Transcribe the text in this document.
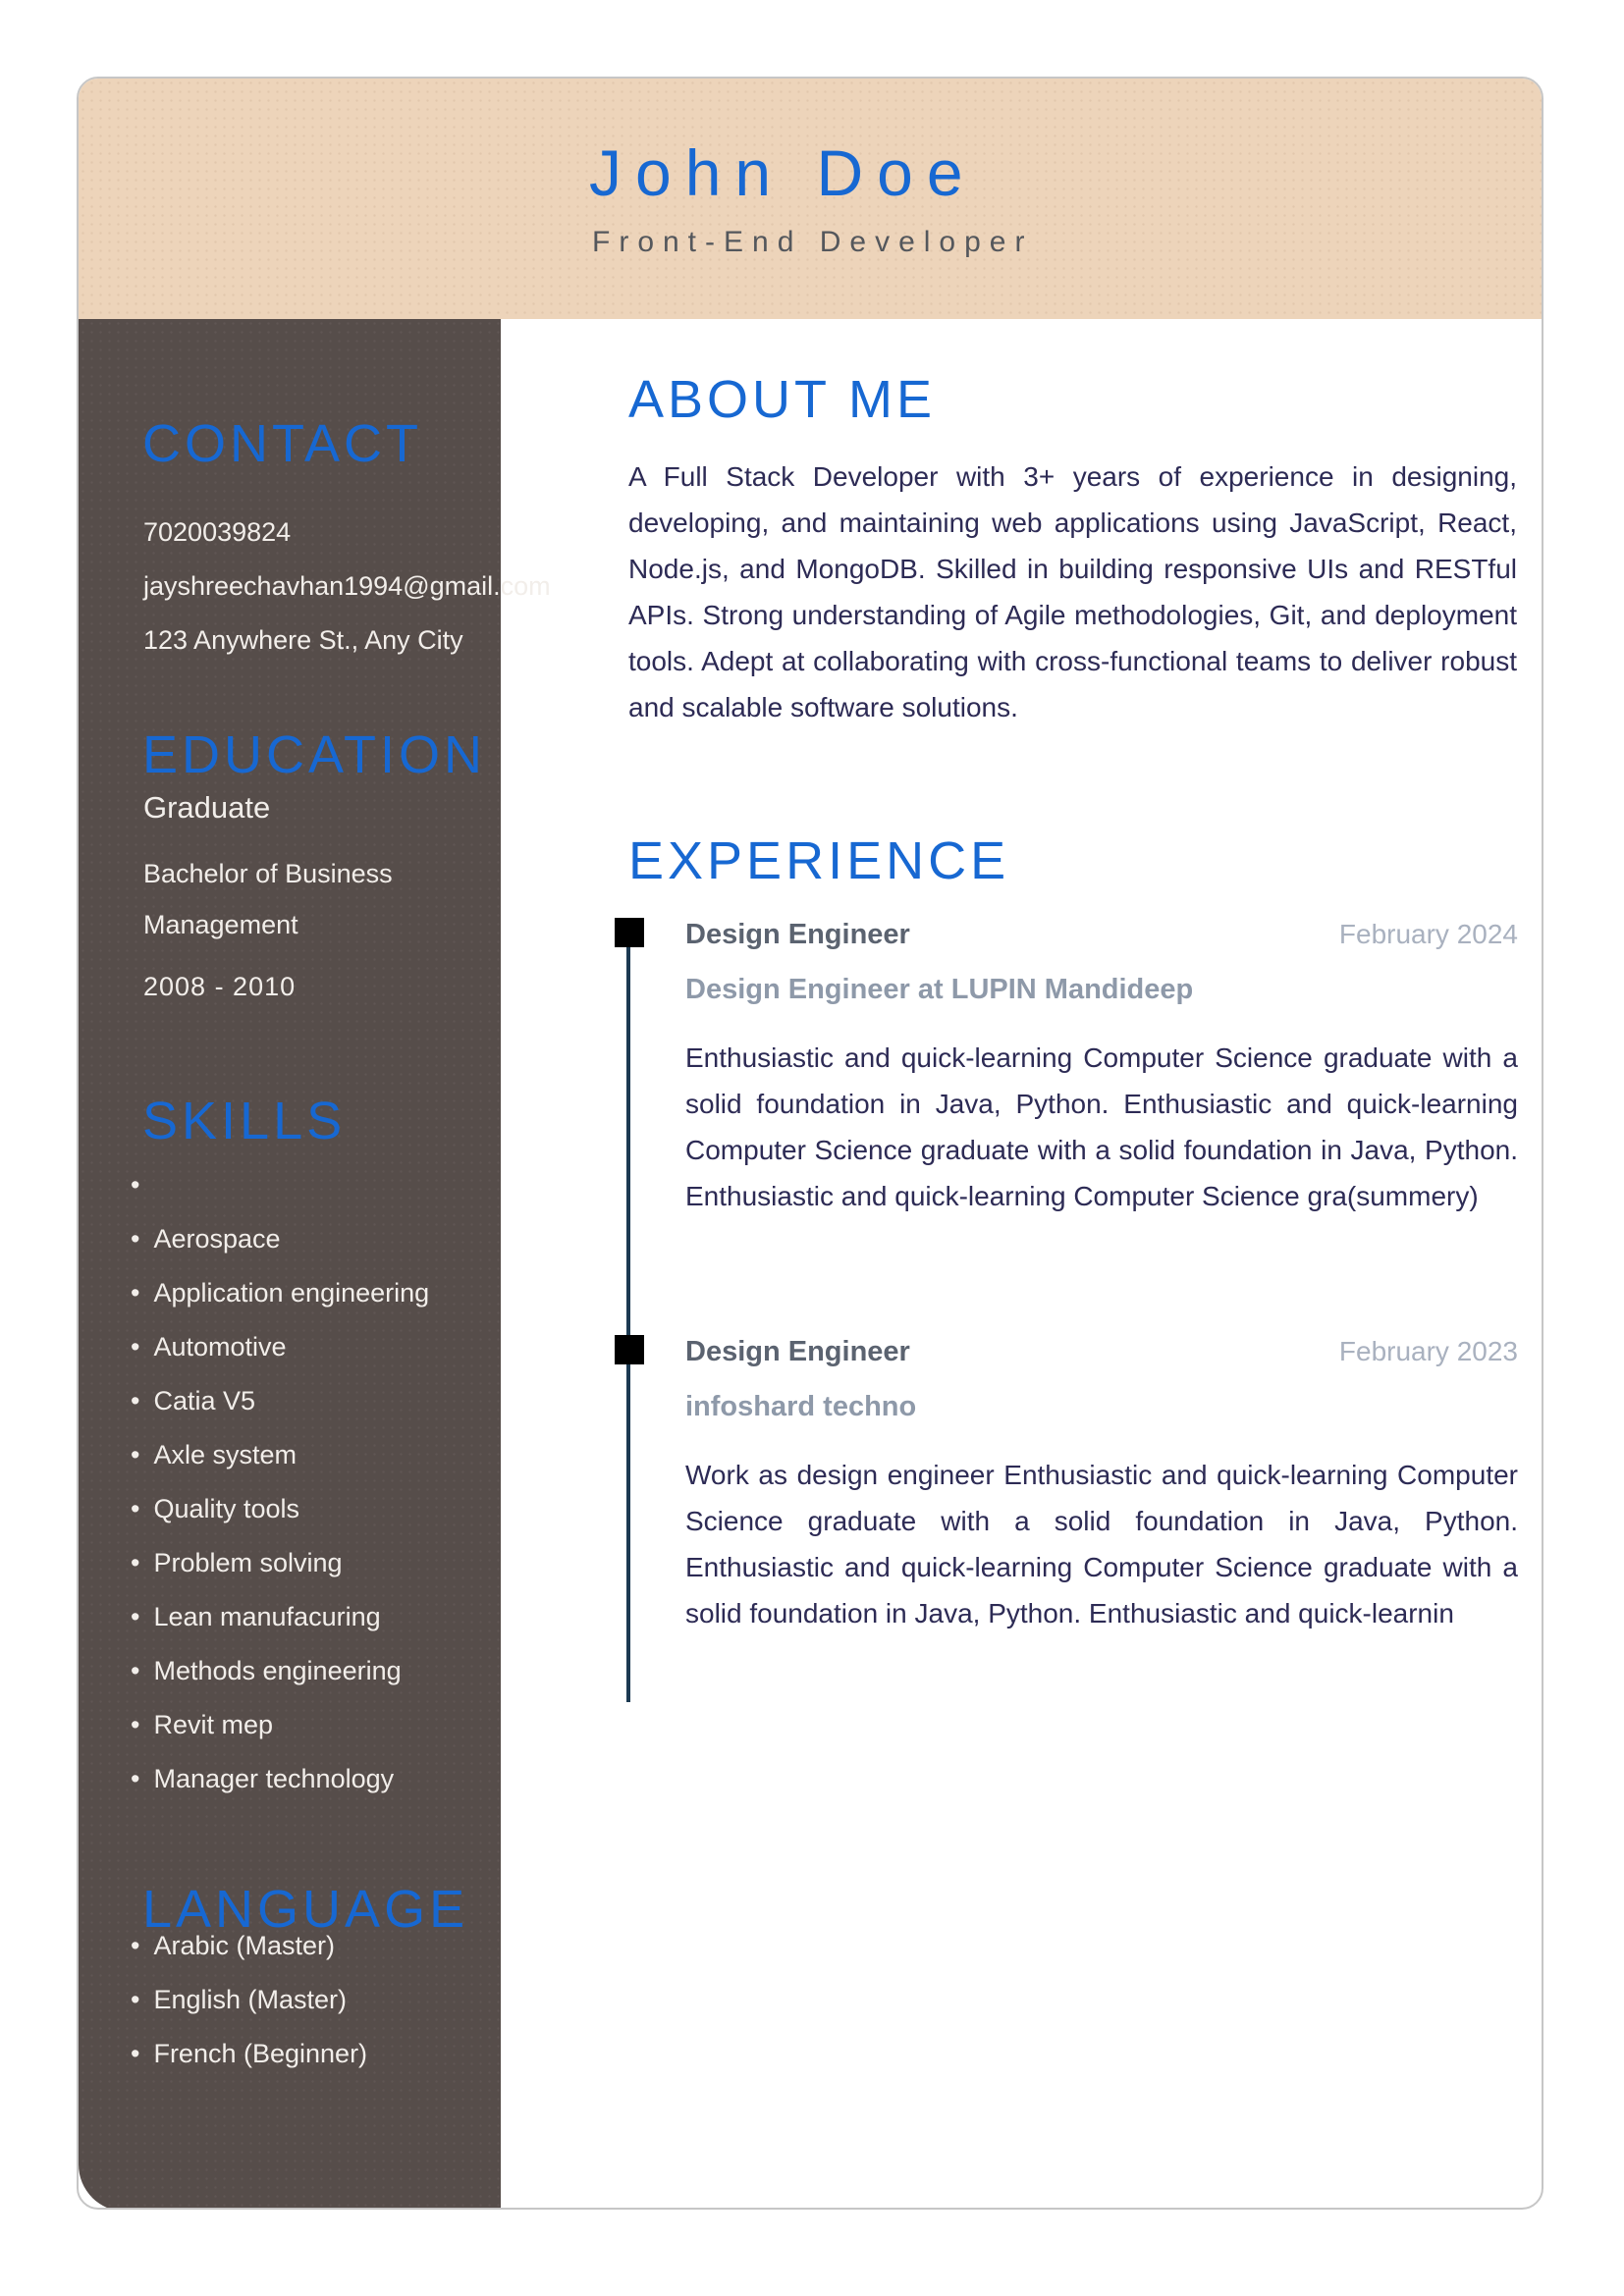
John Doe
Front-End Developer
CONTACT
7020039824
jayshreechavhan1994@gmail.com
123 Anywhere St., Any City
EDUCATION
Graduate
Bachelor of Business
Management
2008 - 2010
SKILLS
•
• Aerospace
• Application engineering
• Automotive
• Catia V5
• Axle system
• Quality tools
• Problem solving
• Lean manufacuring
• Methods engineering
• Revit mep
• Manager technology
LANGUAGE
• Arabic (Master)
• English (Master)
• French (Beginner)
ABOUT ME

A Full Stack Developer with 3+ years of experience in designing, developing, and maintaining web applications using JavaScript, React, Node.js, and MongoDB. Skilled in building responsive UIs and RESTful APIs. Strong understanding of Agile methodologies, Git, and deployment tools. Adept at collaborating with cross-functional teams to deliver robust and scalable software solutions.

EXPERIENCE
Design Engineer	February 2024
Design Engineer at LUPIN Mandideep

Enthusiastic and quick-learning Computer Science graduate with a solid foundation in Java, Python. Enthusiastic and quick-learning Computer Science graduate with a solid foundation in Java, Python. Enthusiastic and quick-learning Computer Science gra(summery)

Design Engineer	February 2023
infoshard techno

Work as design engineer Enthusiastic and quick-learning Computer Science graduate with a solid foundation in Java, Python. Enthusiastic and quick-learning Computer Science graduate with a solid foundation in Java, Python. Enthusiastic and quick-learnin
